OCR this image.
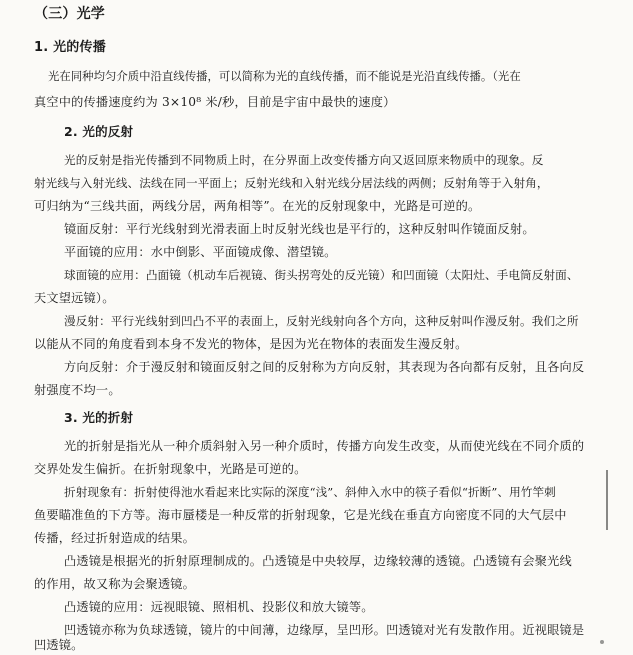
（三）光学
1. 光的传播
光在同种均匀介质中沿直线传播，可以简称为光的直线传播，而不能说是光沿直线传播。（光在
真空中的传播速度约为 3×10⁸ 米/秒，目前是宇宙中最快的速度）
2. 光的反射
光的反射是指光传播到不同物质上时，在分界面上改变传播方向又返回原来物质中的现象。反
射光线与入射光线、法线在同一平面上；反射光线和入射光线分居法线的两侧；反射角等于入射角，
可归纳为“三线共面，两线分居，两角相等”。在光的反射现象中，光路是可逆的。
镜面反射：平行光线射到光滑表面上时反射光线也是平行的，这种反射叫作镜面反射。
平面镜的应用：水中倒影、平面镜成像、潜望镜。
球面镜的应用：凸面镜（机动车后视镜、街头拐弯处的反光镜）和凹面镜（太阳灶、手电筒反射面、
天文望远镜）。
漫反射：平行光线射到凹凸不平的表面上，反射光线射向各个方向，这种反射叫作漫反射。我们之所
以能从不同的角度看到本身不发光的物体，是因为光在物体的表面发生漫反射。
方向反射：介于漫反射和镜面反射之间的反射称为方向反射，其表现为各向都有反射，且各向反
射强度不均一。
3. 光的折射
光的折射是指光从一种介质斜射入另一种介质时，传播方向发生改变，从而使光线在不同介质的
交界处发生偏折。在折射现象中，光路是可逆的。
折射现象有：折射使得池水看起来比实际的深度“浅”、斜伸入水中的筷子看似“折断”、用竹竿刺
鱼要瞄准鱼的下方等。海市蜃楼是一种反常的折射现象，它是光线在垂直方向密度不同的大气层中
传播，经过折射造成的结果。
凸透镜是根据光的折射原理制成的。凸透镜是中央较厚，边缘较薄的透镜。凸透镜有会聚光线
的作用，故又称为会聚透镜。
凸透镜的应用：远视眼镜、照相机、投影仪和放大镜等。
凹透镜亦称为负球透镜，镜片的中间薄，边缘厚，呈凹形。凹透镜对光有发散作用。近视眼镜是
凹透镜。
